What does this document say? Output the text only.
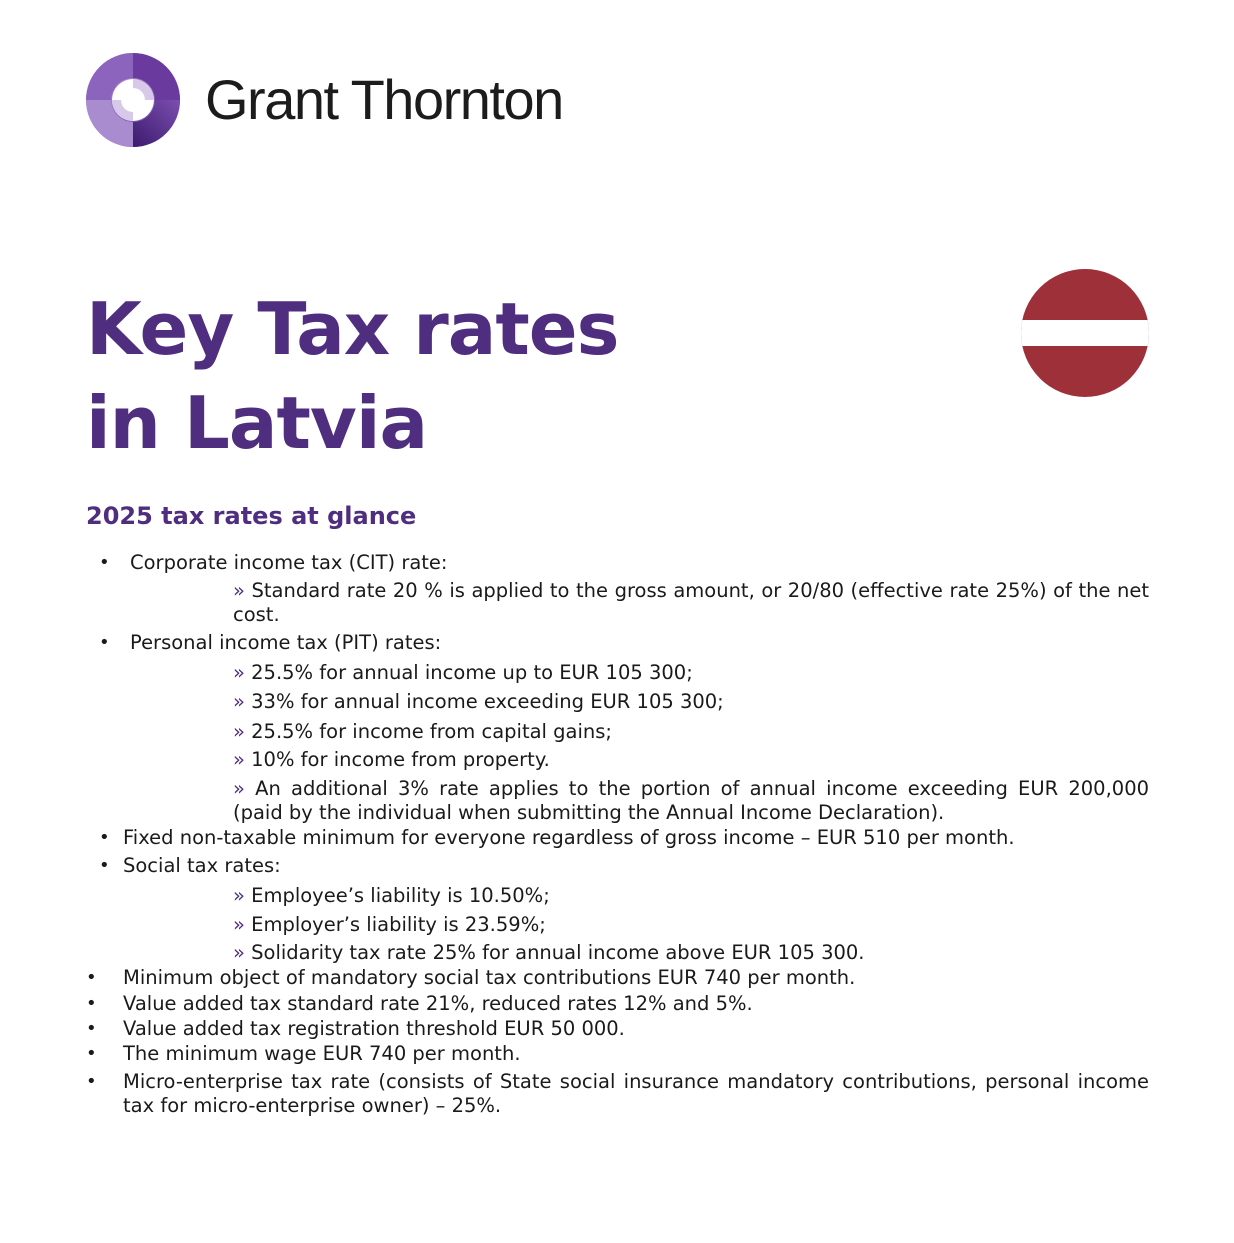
Grant Thornton
Key Tax rates
in Latvia
2025 tax rates at glance
• Corporate income tax (CIT) rate:
» Standard rate 20 % is applied to the gross amount, or 20/80 (effective rate 25%) of the net cost.
• Personal income tax (PIT) rates:
» 25.5% for annual income up to EUR 105 300;
» 33% for annual income exceeding EUR 105 300;
» 25.5% for income from capital gains;
» 10% for income from property.
» An additional 3% rate applies to the portion of annual income exceeding EUR 200,000 (paid by the individual when submitting the Annual Income Declaration).
• Fixed non-taxable minimum for everyone regardless of gross income – EUR 510 per month.
• Social tax rates:
» Employee’s liability is 10.50%;
» Employer’s liability is 23.59%;
» Solidarity tax rate 25% for annual income above EUR 105 300.
• Minimum object of mandatory social tax contributions EUR 740 per month.
• Value added tax standard rate 21%, reduced rates 12% and 5%.
• Value added tax registration threshold EUR 50 000.
• The minimum wage EUR 740 per month.
• Micro-enterprise tax rate (consists of State social insurance mandatory contributions, personal income tax for micro-enterprise owner) – 25%.
